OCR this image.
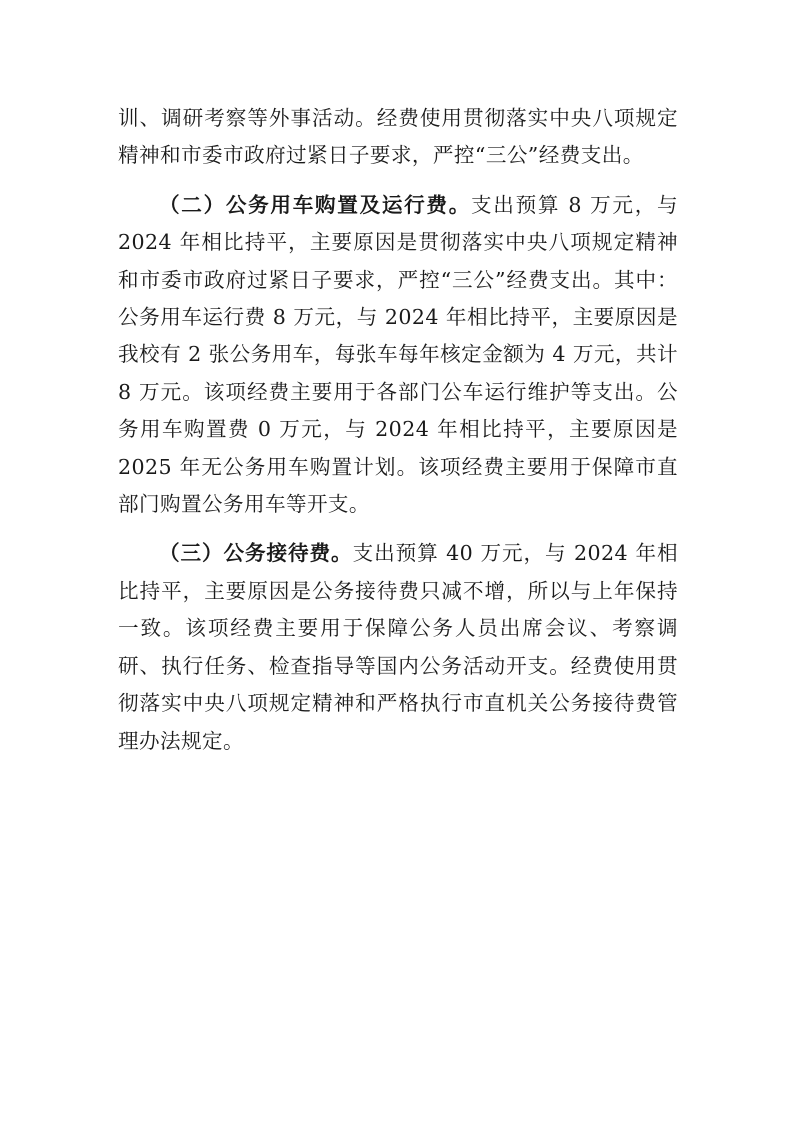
训、调研考察等外事活动。经费使用贯彻落实中央八项规定精神和市委市政府过紧日子要求，严控“三公”经费支出。

（二）公务用车购置及运行费。支出预算 8 万元，与 2024 年相比持平，主要原因是贯彻落实中央八项规定精神和市委市政府过紧日子要求，严控“三公”经费支出。其中：公务用车运行费 8 万元，与 2024 年相比持平，主要原因是我校有 2 张公务用车，每张车每年核定金额为 4 万元，共计 8 万元。该项经费主要用于各部门公车运行维护等支出。公务用车购置费 0 万元，与 2024 年相比持平，主要原因是 2025 年无公务用车购置计划。该项经费主要用于保障市直部门购置公务用车等开支。

（三）公务接待费。支出预算 40 万元，与 2024 年相比持平，主要原因是公务接待费只减不增，所以与上年保持一致。该项经费主要用于保障公务人员出席会议、考察调研、执行任务、检查指导等国内公务活动开支。经费使用贯彻落实中央八项规定精神和严格执行市直机关公务接待费管理办法规定。
